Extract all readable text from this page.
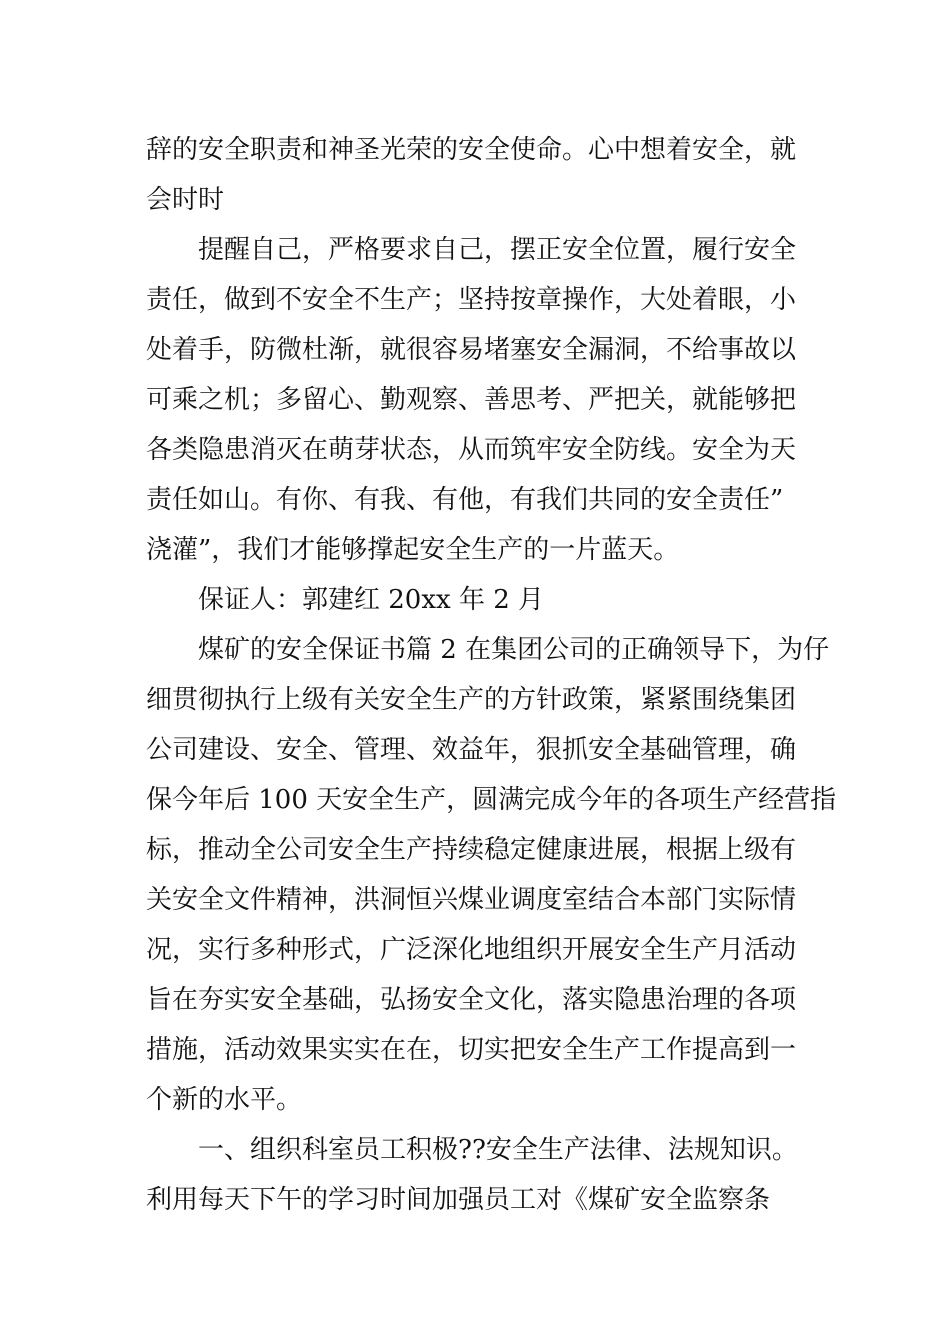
辞的安全职责和神圣光荣的安全使命。心中想着安全，就
会时时
提醒自己，严格要求自己，摆正安全位置，履行安全
责任，做到不安全不生产；坚持按章操作，大处着眼，小
处着手，防微杜渐，就很容易堵塞安全漏洞，不给事故以
可乘之机；多留心、勤观察、善思考、严把关，就能够把
各类隐患消灭在萌芽状态，从而筑牢安全防线。安全为天
责任如山。有你、有我、有他，有我们共同的安全责任”
浇灌”，我们才能够撑起安全生产的一片蓝天。
保证人：郭建红 20xx 年 2 月
煤矿的安全保证书篇 2 在集团公司的正确领导下，为仔
细贯彻执行上级有关安全生产的方针政策，紧紧围绕集团
公司建设、安全、管理、效益年，狠抓安全基础管理，确
保今年后 100 天安全生产，圆满完成今年的各项生产经营指
标，推动全公司安全生产持续稳定健康进展，根据上级有
关安全文件精神，洪洞恒兴煤业调度室结合本部门实际情
况，实行多种形式，广泛深化地组织开展安全生产月活动
旨在夯实安全基础，弘扬安全文化，落实隐患治理的各项
措施，活动效果实实在在，切实把安全生产工作提高到一
个新的水平。
一、组织科室员工积极??安全生产法律、法规知识。
利用每天下午的学习时间加强员工对《煤矿安全监察条
